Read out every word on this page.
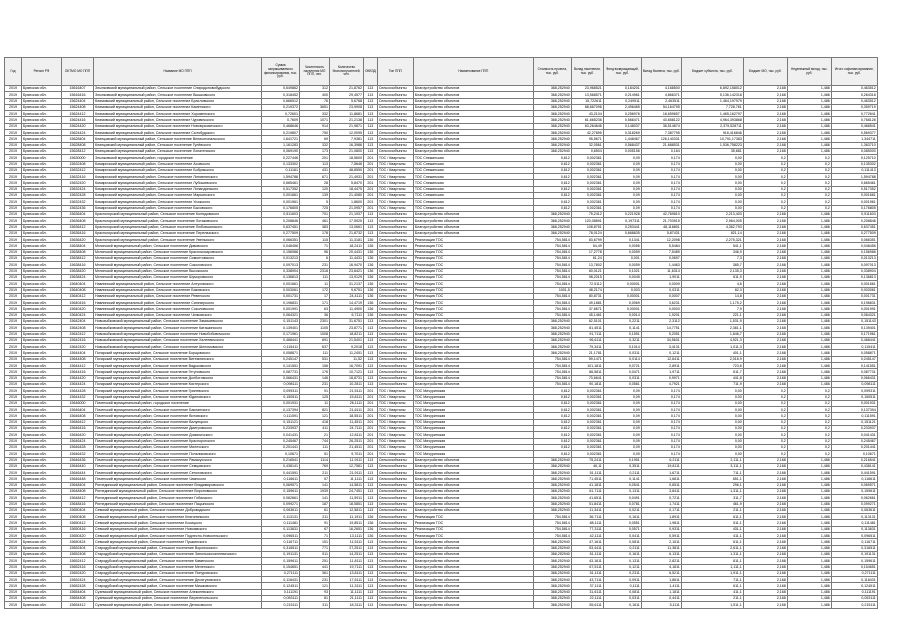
Год	Регион РФ	ОКТМО МО ППП	Название МО ППП	Сумма запрашиваемого финансирования, тыс. руб.	Численность населения МО ППП, чел.	Количество благополучателей, чел.	ОКВЭД	Тип ППП	Наименование ППП	Стоимость проекта, тыс. руб.	Вклад населения, тыс. руб.	Фонд возвращающий, тыс. руб.	Вклад бизнеса, тыс. руб.	Бюджет субъекта, тыс. руб.	Бюджет МО, тыс. руб.	Неденежный вклад, тыс. руб.	Итого софинансирование, тыс. руб.
2019	Брянская обл.	15616407	Злынковский муниципальный район, Сельское поселение Спиридоновобудского	0,649862	312	21,8762	113	Сельхозобъекты	Благоустройство объектов	368,252940	23,968521	0,184201	4,168500	6,892,158012	2,168	1,486	0,463512
2019	Брянская обл.	15616416	Злынковский муниципальный район, Сельское поселение Вышковского	0,318452	400	29,4577	113	Сельхозобъекты	Благоустройство объектов	368,252940	13,568571	0,214961	4,866371	5,136,142316	2,168	1,486	0,264318
2019	Брянская обл.	15624404	Климовский муниципальный район, Сельское поселение Брахловского	0,666512	76	5,6768	113	Сельхозобъекты	Благоустройство объектов	368,252940	15,722611	0,249511	2,463511	1,464,197979	2,168	1,486	0,463512
2019	Брянская обл.	15624408	Климовский муниципальный район, Сельское поселение Каменского	0,219372	3651	23,9908	113	Сельхозобъекты	Благоустройство объектов	368,252940	68,667096	2,496465	54,164795	7,728,761	2,168	1,486	0,359719
2019	Брянская обл.	15624412	Климовский муниципальный район, Сельское поселение Хороменского	0,72601	332	11,8681	113	Сельхозобъекты	Благоустройство объектов	368,252940	43,2104	0,256976	18,659657	1,465,162797	2,168	1,486	0,772641
2019	Брянская обл.	15624416	Климовский муниципальный район, Сельское поселение Чуровичского	0,7609	1071	21,2138	113	Сельхозобъекты	Благоустройство объектов	368,252940	61,665236	0,566471	43,658122	4,964,393868	2,168	1,486	0,768126
2019	Брянская обл.	15624420	Климовский муниципальный район, Сельское поселение Новоюрковичского	0,468646	914	21,9871	113	Сельхозобъекты	Благоустройство объектов	368,252940	63,264646	0,148037	38,514674	2,379,528711	2,168	1,486	0,468541
2019	Брянская обл.	15624424	Климовский муниципальный район, Сельское поселение Сытобудского	0,219807	750	12,0095	113	Сельхозобъекты	Благоустройство объектов	368,252940	42,27895	0,318269	7,387795	918,416846	2,168	1,486	0,569377
2019	Брянская обл.	15628404	Клинцовский муниципальный район, Сельское поселение Великотопальского	1,641721	69	7,9381	113	Сельхозобъекты	Благоустройство объектов	368,252940	95,5671	1,448467	126,140331	10,791,17383	2,168	1,486	1,344711
2019	Брянская обл.	15628408	Клинцовский муниципальный район, Сельское поселение Гулёвского	1,161283	332	16,3986	113	Сельхозобъекты	Благоустройство объектов	368,252940	32,0561	0,568437	21,688531	1,536,758223	2,168	1,486	1,363710
2019	Брянская обл.	15628412	Клинцовский муниципальный район, Сельское поселение Лопатенского	0,069190	173	21,0800	113	Сельхозобъекты	Благоустройство объектов	368,252940	0,6504	0,005156	0,164	35,681	2,168	1,486	0,085000
2019	Брянская обл.	15630000	Злынковский муниципальный район, городское поселение	0,227446	201	18,5600	201	ТОС / Кварталы	ТОС Снежинская	0,612	0,002361	0,09	0,174	0,00	0,2	0,2	0,125710
2019	Брянская обл.	15632408	Комаричский муниципальный район, Сельское поселение Асовского	0,133302	113	7,5646	201	ТОС / Кварталы	ТОС Снежинская	0,612	0,002361	0,09	0,174	0,00	0,2	0,2	0,135302
2019	Брянская обл.	15632412	Комаричский муниципальный район, Сельское поселение Бобрикского	0,11161	431	48,8550	201	ТОС / Кварталы	ТОС Снежинская	0,612	0,002361	0,09	0,174	0,00	0,2	0,2	0,111413
2019	Брянская обл.	15632416	Комаричский муниципальный район, Сельское поселение Литовнянского	1,594786	671	21,4931	201	ТОС / Кварталы	ТОС Снежинская	0,612	0,002361	0,09	0,174	0,00	0,2	0,2	1,594788
2019	Брянская обл.	15632420	Комаричский муниципальный район, Сельское поселение Лубошевского	0,665461	28	5,8470	201	ТОС / Кварталы	ТОС Снежинская	0,612	0,002361	0,09	0,174	0,00	0,2	0,2	0,665461
2019	Брянская обл.	15632424	Комаричский муниципальный район, Сельское поселение Лопандинского	0,517352	120	18,4475	201	ТОС / Кварталы	ТОС Снежинская	0,612	0,002361	0,09	0,174	0,00	0,2	0,2	0,517352
2019	Брянская обл.	15632428	Комаричский муниципальный район, Сельское поселение Марьинского	0,001661	139	21,4080	201	ТОС / Кварталы	ТОС Снежинская	0,612	0,002361	0,09	0,174	0,00	0,2	0,2	0,001661
2019	Брянская обл.	15632432	Комаричский муниципальный район, Сельское поселение Усожского	0,001961	5	1,8600	201	ТОС / Кварталы	ТОС Снежинская	0,612	0,002361	0,09	0,174	0,00	0,2	0,2	0,001961
2019	Брянская обл.	15632436	Комаричский муниципальный район, Сельское поселение Быховского	0,176805	725	21,0957	201	ТОС / Кварталы	ТОС Снежинская	0,612	0,002361	0,09	0,174	0,00	0,2	0,2	0,176805
2019	Брянская обл.	15636404	Красногорский муниципальный район, Сельское поселение Колюдовского	0,511603	701	21,1937	113	Сельхозобъекты	Благоустройство объектов	368,252940	75,2412	0,221928	42,769810	2,213,403	2,168	1,486	0,511603
2019	Брянская обл.	15636408	Красногорский муниципальный район, Сельское поселение Лотаковского	0,208846	461	17,5925	113	Сельхозобъекты	Благоустройство объектов	368,252940	120,08891	0,197311	21,703915	2,964,005	2,168	1,486	0,208846
2019	Брянская обл.	15636412	Красногорский муниципальный район, Сельское поселение Любовшанского	0,637451	383	13,0661	113	Сельхозобъекты	Благоустройство объектов	368,252940	108,8751	0,253441	48,116801	4,362,793	2,168	1,486	0,637451
2019	Брянская обл.	15636416	Красногорский муниципальный район, Сельское поселение Перелазского	0,277509	178	21,8732	113	Сельхозобъекты	Благоустройство объектов	368,252940	78,0124	0,668835	5,87431	821,14	2,168	1,486	0,277509
2019	Брянская обл.	15636420	Красногорский муниципальный район, Сельское поселение Увельского	0,066351	115	11,3181	136	Сельхозобъекты	Реализация ТОС	754,5814	83,6799	0,1341	12,2098	2,275,321	2,168	1,486	0,066351
2019	Брянская обл.	15638404	Мглинский муниципальный район, Сельское поселение Дивовского	0,048456	71	18,2411	136	Сельхозобъекты	Реализация ТОС	754,5814	54,49	0,0056	5,5484	541,1	2,168	1,486	0,048456
2019	Брянская обл.	15638408	Мглинский муниципальный район, Сельское поселение Краснокосаровского	0,156986	96	20,4431	136	Сельхозобъекты	Реализация ТОС	754,5814	17,2778	0,0059	7,5489	346,9	2,168	1,486	0,156986
2019	Брянская обл.	15638412	Мглинский муниципальный район, Сельское поселение Симонтовского	0,013213	6	11,4431	136	Сельхозобъекты	Реализация ТОС	754,5814	61,24	0,001	0,0697	7,3	2,168	1,486	0,013213
2019	Брянская обл.	15638416	Мглинский муниципальный район, Сельское поселение Соколовского	0,097013	231	16,9470	136	Сельхозобъекты	Реализация ТОС	754,5814	13,7802	0,0059	1,4463	385,7	2,168	1,486	0,097013
2019	Брянская обл.	15638420	Мглинский муниципальный район, Сельское поселение Высокского	0,338904	2318	23,8421	136	Сельхозобъекты	Реализация ТОС	754,5814	60,0121	0,1021	11,6314	2,135,3	2,168	1,486	0,338904
2019	Брянская обл.	15638424	Мглинский муниципальный район, Сельское поселение Шуморовского	0,136813	111	13,9129	136	Сельхозобъекты	Реализация ТОС	754,5814	98,2015	0,0045	1,9011	611,9	2,168	1,486	0,136813
2019	Брянская обл.	15640404	Навлинский муниципальный район, Сельское поселение Алтуховского	0,001661	11	31,2137	136	Сельхозобъекты	Реализация ТОС	754,5814	72,5112	0,00001	0,0009	4,6	2,168	1,486	0,001661
2019	Брянская обл.	15640408	Навлинский муниципальный район, Сельское поселение Бяковского	0,003061	172	9,6751	136	Сельхозобъекты	Реализация ТОС	1001,5	48,2174	0,003	0,0311	62,3	2,168	1,486	0,003061
2019	Брянская обл.	15640412	Навлинский муниципальный район, Сельское поселение Ревенского	0,001731	17	24,4111	136	Сельхозобъекты	Реализация ТОС	754,5814	80,8731	0,00001	0,0007	14,8	2,168	1,486	0,001731
2019	Брянская обл.	15640416	Навлинский муниципальный район, Сельское поселение Синезерского	0,196831	171	14,4719	136	Сельхозобъекты	Реализация ТОС	754,5814	49,1881	0,0069	3,6231	1,175,2	2,168	1,486	0,196831
2019	Брянская обл.	15640420	Навлинский муниципальный район, Сельское поселение Соколовского	0,001991	63	11,4900	136	Сельхозобъекты	Реализация ТОС	754,5814	37,6671	0,00001	0,0003	7,9	2,168	1,486	0,001991
2019	Брянская обл.	15640424	Навлинский муниципальный район, Сельское поселение Чичковского	0,064321	36	6,7111	136	Сельхозобъекты	Реализация ТОС	754,5814	45,1461	0,0014	1,9201	221,1	2,168	1,486	0,064321
2019	Брянская обл.	15642404	Новозыбковский муниципальный район, Сельское поселение Замишевского	0,151143	2301	31,6751	113	Сельхозобъекты	Благоустройство объектов	368,252940	62,5101	0,2211	2,3112	1,531,9	2,168	1,486	0,151143
2019	Брянская обл.	15642408	Новозыбковский муниципальный район, Сельское поселение Каташинского	0,139401	1105	23,8771	113	Сельхозобъекты	Благоустройство объектов	368,252940	81,4511	0,1141	14,7751	2,361,1	2,168	1,486	0,139401
2019	Брянская обл.	15642412	Новозыбковский муниципальный район, Сельское поселение Новобобовичского	0,171961	1008	18,8211	113	Сельхозобъекты	Благоустройство объектов	368,252940	91,7111	0,1591	5,2051	1,846,7	2,168	1,486	0,171961
2019	Брянская обл.	15642416	Новозыбковский муниципальный район, Сельское поселение Халеевичского	0,468441	691	21,5401	113	Сельхозобъекты	Благоустройство объектов	368,252940	96,6111	0,3211	34,5631	4,521,3	2,168	1,486	0,468441
2019	Брянская обл.	15642420	Новозыбковский муниципальный район, Сельское поселение Шеломовского	0,115411	637	9,2018	113	Сельхозобъекты	Благоустройство объектов	368,252940	79,3411	0,1014	3,4131	1,011,3	2,168	1,486	0,115411
2019	Брянская обл.	15644404	Погарский муниципальный район, Сельское поселение Борщовского	0,058871	111	11,2451	113	Сельхозобъекты	Благоустройство объектов	368,252940	21,1781	0,0311	0,1211	401,1	2,168	1,486	0,058871
2019	Брянская обл.	15644408	Погарский муниципальный район, Сельское поселение Витемлянского	0,245147	531	11,52	113	Сельхозобъекты	Благоустройство объектов	754,5814	59,1471	0,0114	12,6411	2,016,9	2,168	1,486	0,245147
2019	Брянская обл.	15644412	Погарский муниципальный район, Сельское поселение Вадьковского	0,141551	156	16,7091	113	Сельхозобъекты	Благоустройство объектов	754,5814	101,1811	0,0721	2,8911	723,6	2,168	1,486	0,141551
2019	Брянская обл.	15644416	Погарский муниципальный район, Сельское поселение Гетуновского	0,087731	176	10,7121	113	Сельхозобъекты	Благоустройство объектов	754,5814	86,5811	0,0471	1,9711	611,7	2,168	1,486	0,087731
2019	Брянская обл.	15644420	Погарский муниципальный район, Сельское поселение Долботовского	0,066431	146	18,8731	113	Сельхозобъекты	Благоустройство объектов	754,5814	70,6641	0,0311	0,9971	441,8	2,168	1,486	0,066431
2019	Брянская обл.	15644424	Погарский муниципальный район, Сельское поселение Кистерского	0,098111	231	10,2811	113	Сельхозобъекты	Благоустройство объектов	754,5814	90,1811	0,0561	4,7921	711,9	2,168	1,486	0,098111
2019	Брянская обл.	15644428	Погарский муниципальный район, Сельское поселение Гриневского	0,099311	91	21,5111	201	ТОС / Кварталы	ТОС Мичуринская	0,612	0,002361	0,09	0,174	0,00	0,2	0,2	0,099311
2019	Брянская обл.	15644432	Погарский муниципальный район, Сельское поселение Юдиновского	0,150511	125	15,8111	201	ТОС / Кварталы	ТОС Мичуринская	0,612	0,002361	0,09	0,174	0,00	0,2	0,2	0,150511
2019	Брянская обл.	15646000	Почепский муниципальный район, городское поселение	0,001931	11	26,1111	201	ТОС / Кварталы	ТОС Мичуринская	0,612	0,002361	0,09	0,174	0,00	0,2	0,2	0,001931
2019	Брянская обл.	15646404	Почепский муниципальный район, Сельское поселение Бакланского	0,137394	821	21,6111	201	ТОС / Кварталы	ТОС Мичуринская	0,612	0,002361	0,09	0,174	0,00	0,2	0,2	0,137394
2019	Брянская обл.	15646408	Почепский муниципальный район, Сельское поселение Витовского	0,111591	121	18,5511	201	ТОС / Кварталы	ТОС Мичуринская	0,612	0,002361	0,09	0,174	0,00	0,2	0,2	0,111591
2019	Брянская обл.	15646412	Почепский муниципальный район, Сельское поселение Валуецкого	0,151121	418	11,4511	201	ТОС / Кварталы	ТОС Мичуринская	0,612	0,002361	0,09	0,174	0,00	0,2	0,2	0,151121
2019	Брянская обл.	15646416	Почепский муниципальный район, Сельское поселение Дмитровского	0,233937	411	24,7111	201	ТОС / Кварталы	ТОС Мичуринская	0,612	0,002361	0,09	0,174	0,00	0,2	0,2	0,233937
2019	Брянская обл.	15646420	Почепский муниципальный район, Сельское поселение Доманичского	0,041431	21	12,8111	201	ТОС / Кварталы	ТОС Мичуринская	0,612	0,002361	0,09	0,174	0,00	0,2	0,2	0,041431
2019	Брянская обл.	15646424	Почепский муниципальный район, Сельское поселение Краснорогского	0,245467	744	26,2511	201	ТОС / Кварталы	ТОС Мичуринская	0,612	0,002361	0,09	0,174	0,00	0,2	0,2	0,245467
2019	Брянская обл.	15646428	Почепский муниципальный район, Сельское поселение Милечского	0,201441	111	21,4511	201	ТОС / Кварталы	ТОС Мичуринская	0,612	0,002361	0,09	0,174	0,00	0,2	0,2	0,201441
2019	Брянская обл.	15646432	Почепский муниципальный район, Сельское поселение Польниковского	0,10671	51	9,7011	201	ТОС / Кварталы	ТОС Мичуринская	0,612	0,002361	0,09	0,174	0,00	0,2	0,2	0,10671
2019	Брянская обл.	15646436	Почепский муниципальный район, Сельское поселение Рамасухского	0,216541	1114	11,9111	113	Сельхозобъекты	Благоустройство объектов	368,252940	75,2411	0,1951	6,2111	2,111,1	2,168	1,486	0,216541
2019	Брянская обл.	15646440	Почепский муниципальный район, Сельское поселение Семцовского	0,438141	769	12,7581	113	Сельхозобъекты	Благоустройство объектов	368,252940	46,11	0,3511	19,8111	3,111,1	2,168	1,486	0,438141
2019	Брянская обл.	15646444	Почепский муниципальный район, Сельское поселение Сетоловского	0,441591	211	21,9111	113	Сельхозобъекты	Благоустройство объектов	368,252940	51,1111	0,2111	1,6711	711,1	2,168	1,486	0,441591
2019	Брянская обл.	15646448	Почепский муниципальный район, Сельское поселение Чаянского	0,116611	57	11,1111	113	Сельхозобъекты	Благоустройство объектов	368,252940	71,4511	0,1141	1,6811	651,1	2,168	1,486	0,116611
2019	Брянская обл.	15648404	Рогнединский муниципальный район, Сельское поселение Владимировского	0,069571	141	14,5811	113	Сельхозобъекты	Благоустройство объектов	368,252940	41,1811	0,0541	0,6511	296,1	2,168	1,486	0,069571
2019	Брянская обл.	15648408	Рогнединский муниципальный район, Сельское поселение Вороновского	0,159611	1939	24,7451	113	Сельхозобъекты	Благоустройство объектов	368,252940	61,7111	0,1311	3,8411	1,311,1	2,168	1,486	0,159611
2019	Брянская обл.	15648412	Рогнединский муниципальный район, Сельское поселение Гобикского	0,062661	141	11,5911	113	Сельхозобъекты	Благоустройство объектов	368,252940	41,6511	0,0491	0,7211	311,7	2,168	1,486	0,062661
2019	Брянская обл.	15648416	Рогнединский муниципальный район, Сельское поселение Пацынского	0,099271	187	18,5851	113	Сельхозобъекты	Благоустройство объектов	368,252940	51,8411	0,0781	1,7411	461,9	2,168	1,486	0,099271
2019	Брянская обл.	15650404	Севский муниципальный район, Сельское поселение Доброводского	0,063611	61	12,5811	113	Сельхозобъекты	Благоустройство объектов	368,252940	11,3411	0,0211	0,1711	211,1	2,168	1,486	0,063611
2019	Брянская обл.	15650408	Севский муниципальный район, Сельское поселение Княгининского	0,113131	211	11,1911	136	Сельхозобъекты	Реализация ТОС	754,5814	36,7111	0,1611	1,8911	611,1	2,168	1,486	0,113131
2019	Брянская обл.	15650412	Севский муниципальный район, Сельское поселение Косицкого	0,111481	91	19,8511	136	Сельхозобъекты	Реализация ТОС	754,5814	88,1111	0,0551	1,9811	511,1	2,168	1,486	0,111481
2019	Брянская обл.	15650416	Севский муниципальный район, Сельское поселение Новоямского	0,113631	67	16,2651	136	Сельхозобъекты	Реализация ТОС	754,5814	77,3111	0,0571	0,9311	431,1	2,168	1,486	0,113631
2019	Брянская обл.	15650420	Севский муниципальный район, Сельское поселение Подлесно-Новосельского	0,096511	71	13,1111	136	Сельхозобъекты	Реализация ТОС	754,5814	42,1111	0,0411	0,5911	411,1	2,168	1,486	0,096511
2019	Брянская обл.	15650424	Севский муниципальный район, Сельское поселение Пушкинского	0,116711	151	11,5111	113	Сельхозобъекты	Благоустройство объектов	368,252940	47,1611	0,0811	2,1511	611,1	2,168	1,486	0,116711
2019	Брянская обл.	15652404	Стародубский муниципальный район, Сельское поселение Воронокского	0,316511	771	27,2511	113	Сельхозобъекты	Благоустройство объектов	368,252940	53,4411	0,2111	11,3811	2,611,1	2,168	1,486	0,316511
2019	Брянская обл.	15652408	Стародубский муниципальный район, Сельское поселение Запольскохалеевичского	0,191131	511	14,2511	113	Сельхозобъекты	Благоустройство объектов	368,252940	61,1111	0,1611	6,1311	1,311,1	2,168	1,486	0,191131
2019	Брянская обл.	15652412	Стародубский муниципальный район, Сельское поселение Каменского	0,159611	251	11,8111	113	Сельхозобъекты	Благоустройство объектов	368,252940	43,1611	0,1311	2,8211	811,1	2,168	1,486	0,159611
2019	Брянская обл.	15652416	Стародубский муниципальный район, Сельское поселение Меленского	0,154651	441	19,7111	113	Сельхозобъекты	Благоустройство объектов	368,252940	67,5111	0,1211	4,1811	1,111,1	2,168	1,486	0,154651
2019	Брянская обл.	15652420	Стародубский муниципальный район, Сельское поселение Понуровского	0,271111	361	13,8111	113	Сельхозобъекты	Благоустройство объектов	368,252940	51,1111	0,2311	6,5211	1,911,1	2,168	1,486	0,271111
2019	Брянская обл.	15652424	Стародубский муниципальный район, Сельское поселение Десятуховского	0,118431	231	17,5111	113	Сельхозобъекты	Благоустройство объектов	368,252940	43,7111	0,0911	1,8611	711,1	2,168	1,486	0,118431
2019	Брянская обл.	15652428	Стародубский муниципальный район, Сельское поселение Мишковского	0,124511	121	11,3111	113	Сельхозобъекты	Благоустройство объектов	368,252940	37,1111	0,1111	1,4111	611,1	2,168	1,486	0,124511
2019	Брянская обл.	15654404	Суземский муниципальный район, Сельское поселение Алексеевского	0,111191	93	11,1111	113	Сельхозобъекты	Благоустройство объектов	368,252940	31,6111	0,0811	1,1811	411,1	2,168	1,486	0,111191
2019	Брянская обл.	15654408	Суземский муниципальный район, Сельское поселение Верхнепольского	0,053111	81	21,1111	113	Сельхозобъекты	Благоустройство объектов	368,252940	22,1111	0,0311	0,4411	211,1	2,168	1,486	0,053111
2019	Брянская обл.	15654412	Суземский муниципальный район, Сельское поселение Денисовского	0,215111	311	18,3111	113	Сельхозобъекты	Благоустройство объектов	368,252940	55,6111	0,1611	5,1111	1,511,1	2,168	1,486	0,215111
